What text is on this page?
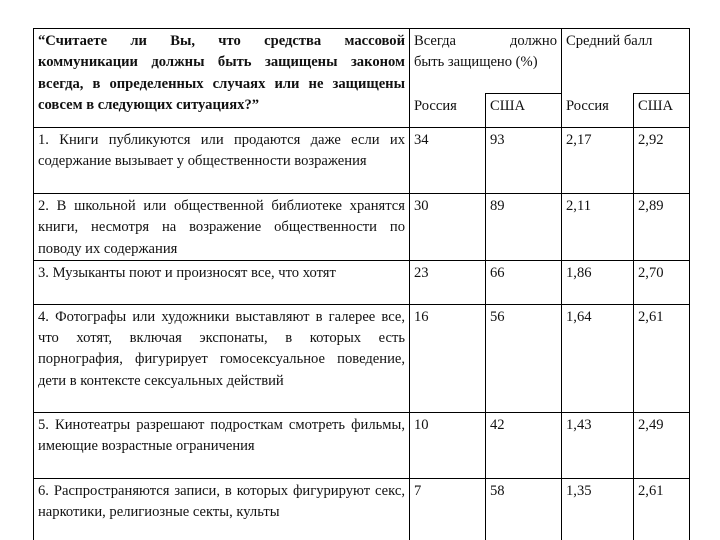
“Считаете ли Вы, что средства массовой коммуникации должны быть защищены законом всегда, в определенных случаях или не защищены совсем в следующих ситуациях?”	Всегда должно
быть защищено (%)		Средний балл	
	Россия	США	Россия	США
1. Книги публикуются или продаются даже если их содержание вызывает у общественности возражения	34	93	2,17	2,92
2. В школьной или общественной библиотеке хранятся книги, несмотря на возражение общественности по поводу их содержания	30	89	2,11	2,89
3. Музыканты поют и произносят все, что хотят	23	66	1,86	2,70
4. Фотографы или художники выставляют в галерее все, что хотят, включая экспонаты, в которых есть порнография, фигурирует гомосексуальное поведение, дети в контексте сексуальных действий	16	56	1,64	2,61
5. Кинотеатры разрешают подросткам смотреть фильмы, имеющие возрастные ограничения	10	42	1,43	2,49
6. Распространяются записи, в которых фигурируют секс, наркотики, религиозные секты, культы	7	58	1,35	2,61
